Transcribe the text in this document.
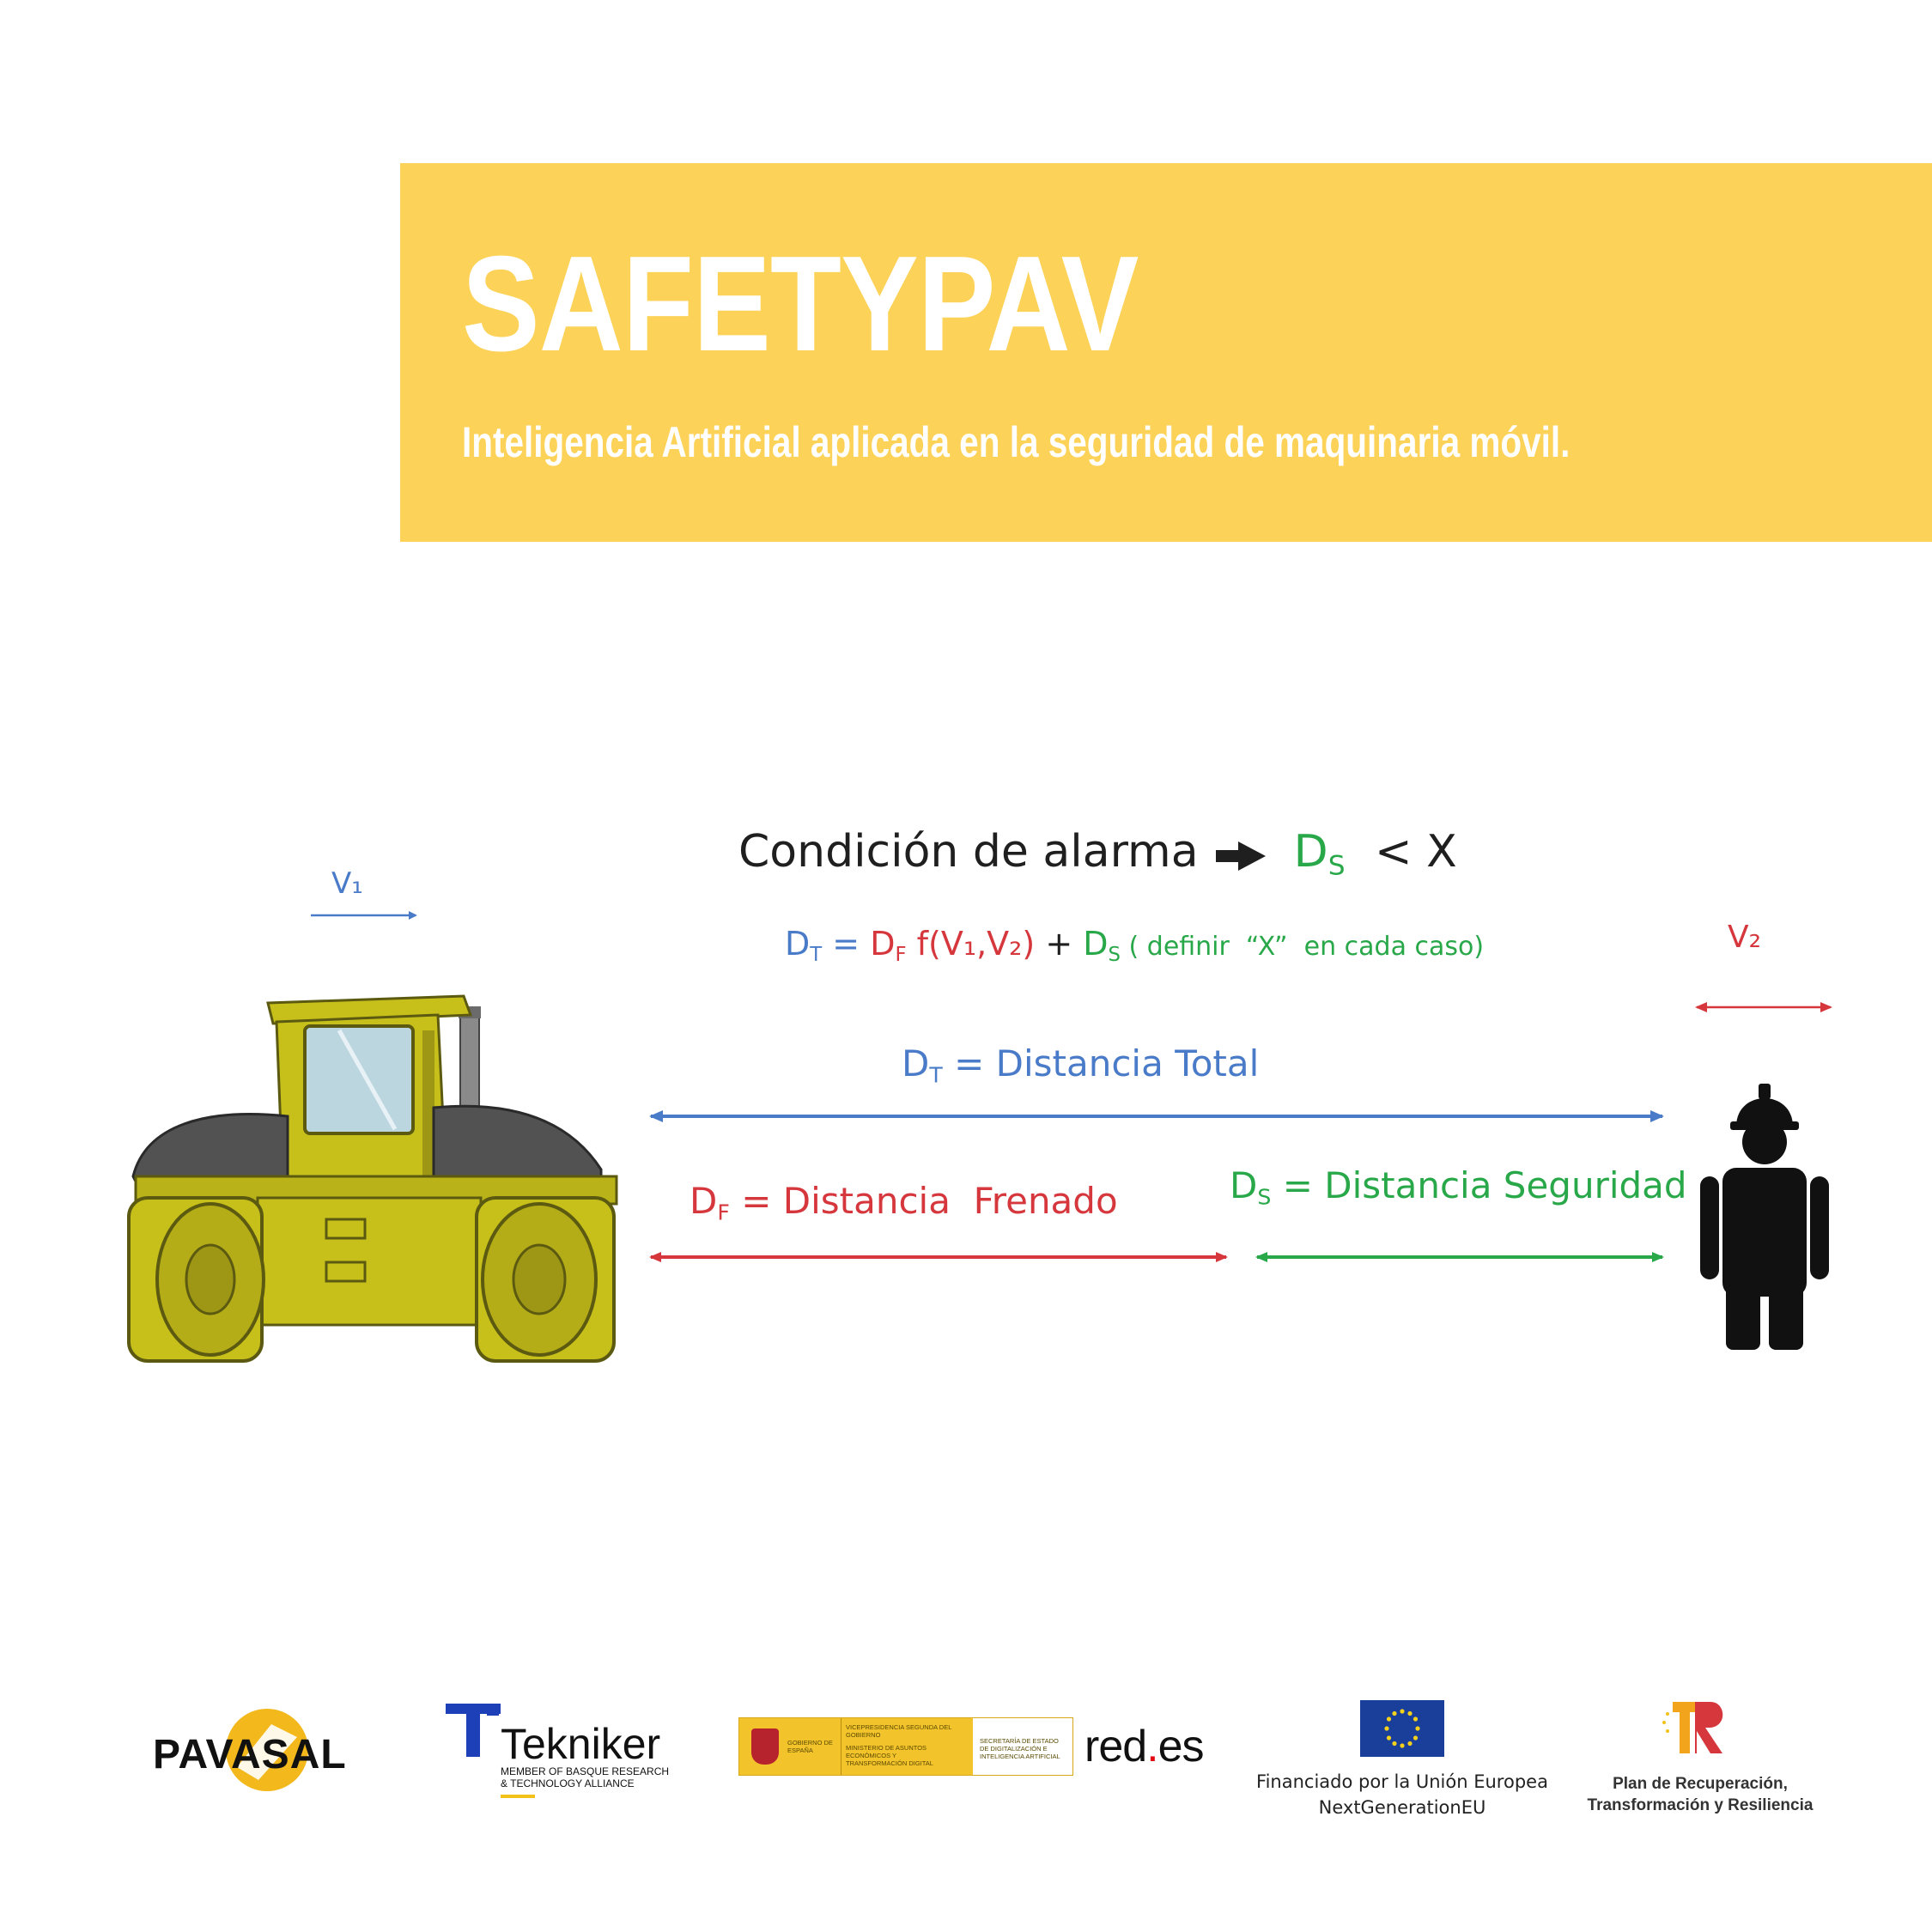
SAFETYPAV
Inteligencia Artificial aplicada en la seguridad de maquinaria móvil.
V₁
V₂
Condición de alarma $D_S < X$
$D_T = D_F$ $f(V_1,V_2) + D_S$ ( definir  “X”  en cada caso)
$D_T$ = Distancia Total
$D_F$ = Distancia  Frenado	$D_S$ = Distancia Seguridad
PAVASAL	Tekniker
MEMBER OF BASQUE RESEARCH
& TECHNOLOGY ALLIANCE
GOBIERNO DE ESPAÑA
VICEPRESIDENCIA SEGUNDA DEL GOBIERNO
MINISTERIO DE ASUNTOS ECONÓMICOS Y TRANSFORMACIÓN DIGITAL
SECRETARÍA DE ESTADO DE DIGITALIZACIÓN E INTELIGENCIA ARTIFICIAL red.es
Financiado por la Unión Europea
NextGenerationEU
Plan de Recuperación,
Transformación y Resiliencia
